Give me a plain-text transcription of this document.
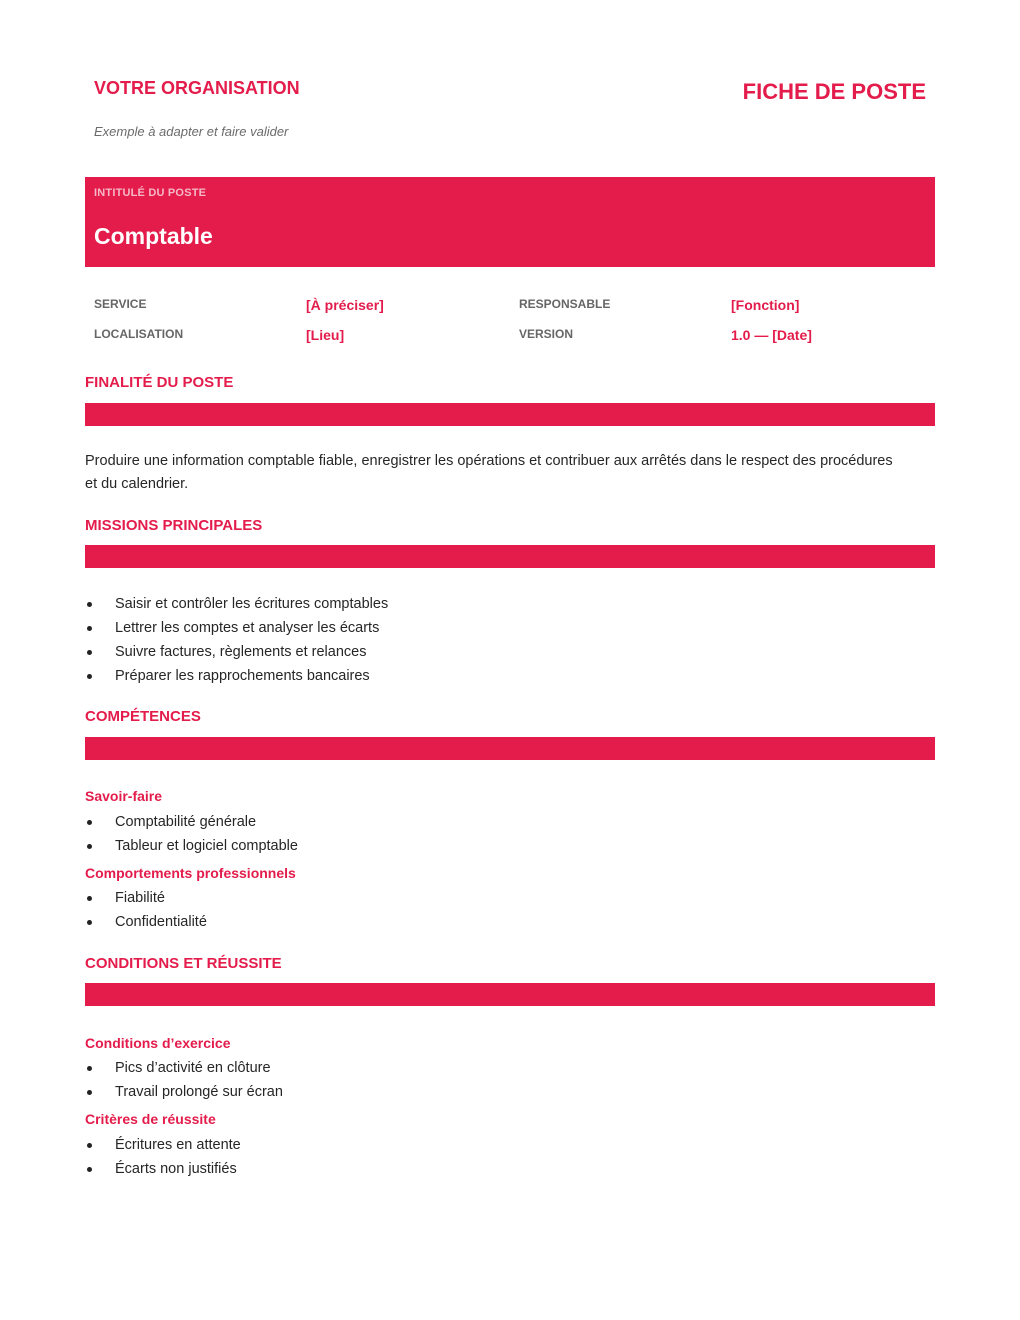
VOTRE ORGANISATION
Exemple à adapter et faire valider
FICHE DE POSTE
INTITULÉ DU POSTE
Comptable
SERVICE	[À préciser]	RESPONSABLE	[Fonction]
LOCALISATION	[Lieu]	VERSION	1.0 — [Date]
FINALITÉ DU POSTE
Produire une information comptable fiable, enregistrer les opérations et contribuer aux arrêtés dans le respect des procédures et du calendrier.
MISSIONS PRINCIPALES
Saisir et contrôler les écritures comptables
Lettrer les comptes et analyser les écarts
Suivre factures, règlements et relances
Préparer les rapprochements bancaires
COMPÉTENCES
Savoir-faire
Comptabilité générale
Tableur et logiciel comptable
Comportements professionnels
Fiabilité
Confidentialité
CONDITIONS ET RÉUSSITE
Conditions d’exercice
Pics d’activité en clôture
Travail prolongé sur écran
Critères de réussite
Écritures en attente
Écarts non justifiés
